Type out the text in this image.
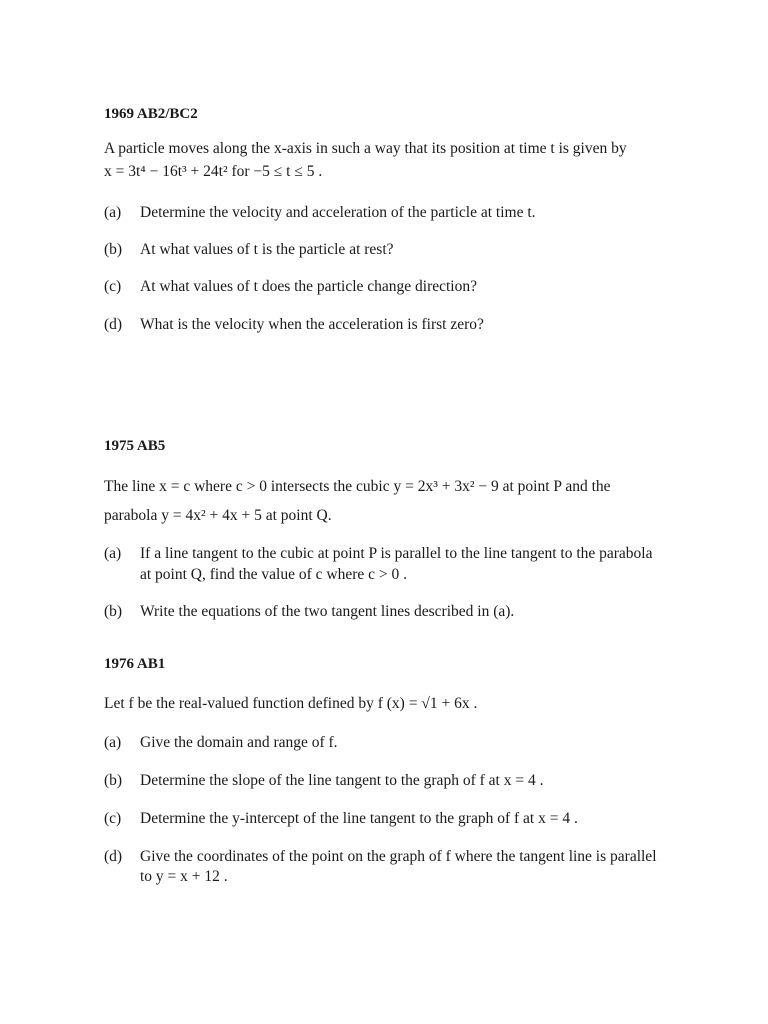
1969 AB2/BC2
A particle moves along the x-axis in such a way that its position at time t is given by
x = 3t⁴ − 16t³ + 24t² for −5 ≤ t ≤ 5 .
(a) Determine the velocity and acceleration of the particle at time t.
(b) At what values of t is the particle at rest?
(c) At what values of t does the particle change direction?
(d) What is the velocity when the acceleration is first zero?
1975 AB5
The line x = c where c > 0 intersects the cubic y = 2x³ + 3x² − 9 at point P and the
parabola y = 4x² + 4x + 5 at point Q.
(a) If a line tangent to the cubic at point P is parallel to the line tangent to the parabola
at point Q, find the value of c where c > 0 .
(b) Write the equations of the two tangent lines described in (a).
1976 AB1
Let f be the real-valued function defined by f (x) = √1 + 6x .
(a) Give the domain and range of f.
(b) Determine the slope of the line tangent to the graph of f at x = 4 .
(c) Determine the y-intercept of the line tangent to the graph of f at x = 4 .
(d) Give the coordinates of the point on the graph of f where the tangent line is parallel
to y = x + 12 .
